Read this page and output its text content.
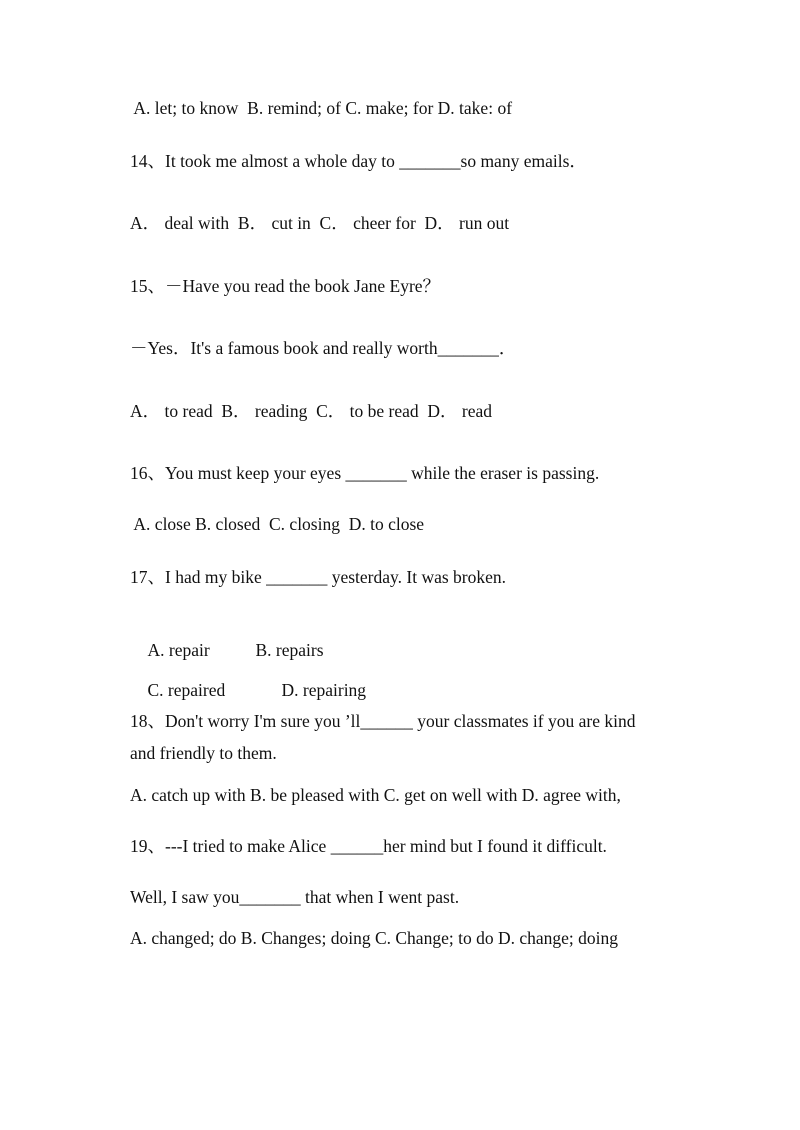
A. let; to know  B. remind; of C. make; for D. take: of
14、It took me almost a whole day to _______so many emails．
A． deal with  B． cut in  C． cheer for  D． run out
15、－Have you read the book Jane Eyre？
－Yes．It's a famous book and really worth_______．
A． to read  B． reading  C． to be read  D． read
16、You must keep your eyes _______ while the eraser is passing.
A. close B. closed  C. closing  D. to close
17、I had my bike _______ yesterday. It was broken.

A. repair	B. repairs

C. repaired	D. repairing

18、Don't worry I'm sure you ’ll______ your classmates if you are kind
and friendly to them.
A. catch up with B. be pleased with C. get on well with D. agree with,
19、---I tried to make Alice ______her mind but I found it difficult.
Well, I saw you_______ that when I went past.
A. changed; do B. Changes; doing C. Change; to do D. change; doing
